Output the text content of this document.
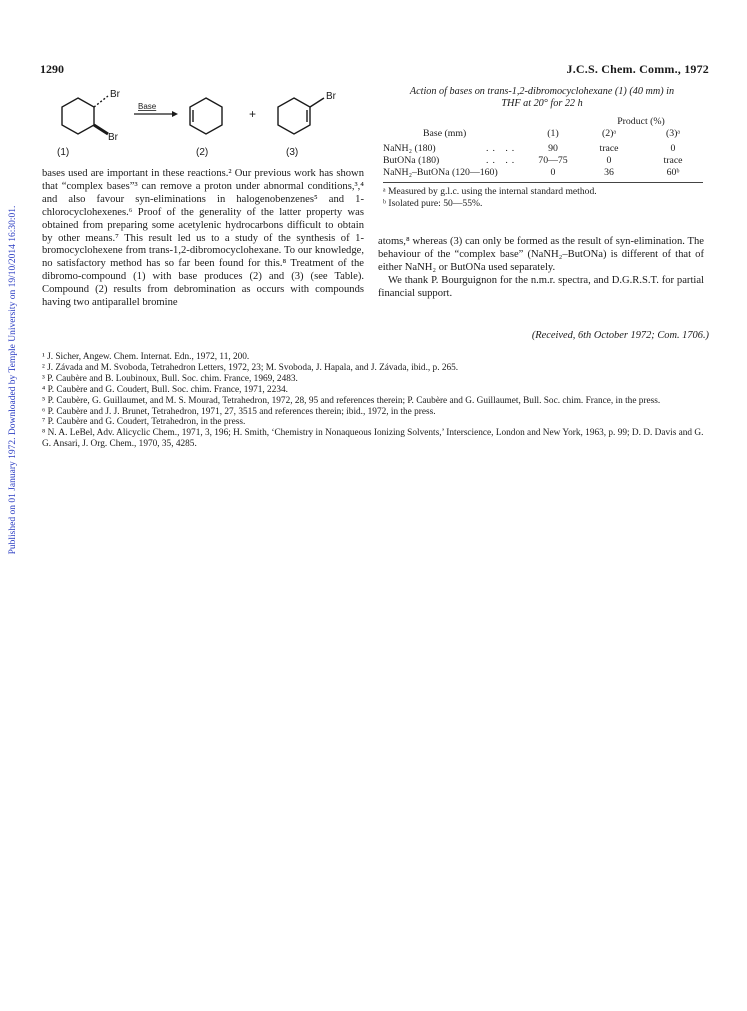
Published on 01 January 1972. Downloaded by Temple University on 19/10/2014 16:30:01.
1290	J.C.S. Chem. Comm., 1972
Br
Br
Base
+
Br
(1)	(2)	(3)

bases used are important in these reactions.² Our previous work has shown that “complex bases”³ can remove a proton under abnormal conditions,³,⁴ and also favour syn-eliminations in halogenobenzenes⁵ and 1-chlorocyclohexenes.⁶ Proof of the generality of the latter property was obtained from preparing some acetylenic hydrocarbons difficult to obtain by other means.⁷ This result led us to a study of the synthesis of 1-bromocyclohexene from trans-1,2-dibromocyclohexane. To our knowledge, no satisfactory method has so far been found for this.⁸ Treatment of the dibromo-compound (1) with base produces (2) and (3) (see Table). Compound (2) results from debromination as occurs with compounds having two antiparallel bromine

Action of bases on trans-1,2-dibromocyclohexane (1) (40 mm) in
THF at 20° for 22 h
Product (%)
Base (mm)	(1)	(2)ᵃ	(3)ᵃ
NaNH₂ (180)	.. ..	90	trace	0
ButONa (180)	.. ..	70—75	0	trace
NaNH₂–ButONa (120—160)	0	36	60ᵇ
ᵃ Measured by g.l.c. using the internal standard method.
ᵇ Isolated pure: 50—55%.

atoms,⁸ whereas (3) can only be formed as the result of syn-elimination. The behaviour of the “complex base” (NaNH₂–ButONa) is different of that of either NaNH₂ or ButONa used separately.

We thank P. Bourguignon for the n.m.r. spectra, and D.G.R.S.T. for partial financial support.

(Received, 6th October 1972; Com. 1706.)

¹ J. Sicher, Angew. Chem. Internat. Edn., 1972, 11, 200.

² J. Závada and M. Svoboda, Tetrahedron Letters, 1972, 23; M. Svoboda, J. Hapala, and J. Závada, ibid., p. 265.

³ P. Caubère and B. Loubinoux, Bull. Soc. chim. France, 1969, 2483.

⁴ P. Caubère and G. Coudert, Bull. Soc. chim. France, 1971, 2234.

⁵ P. Caubère, G. Guillaumet, and M. S. Mourad, Tetrahedron, 1972, 28, 95 and references therein; P. Caubère and G. Guillaumet, Bull. Soc. chim. France, in the press.

⁶ P. Caubère and J. J. Brunet, Tetrahedron, 1971, 27, 3515 and references therein; ibid., 1972, in the press.

⁷ P. Caubère and G. Coudert, Tetrahedron, in the press.

⁸ N. A. LeBel, Adv. Alicyclic Chem., 1971, 3, 196; H. Smith, ‘Chemistry in Nonaqueous Ionizing Solvents,’ Interscience, London and New York, 1963, p. 99; D. D. Davis and G. G. Ansari, J. Org. Chem., 1970, 35, 4285.
